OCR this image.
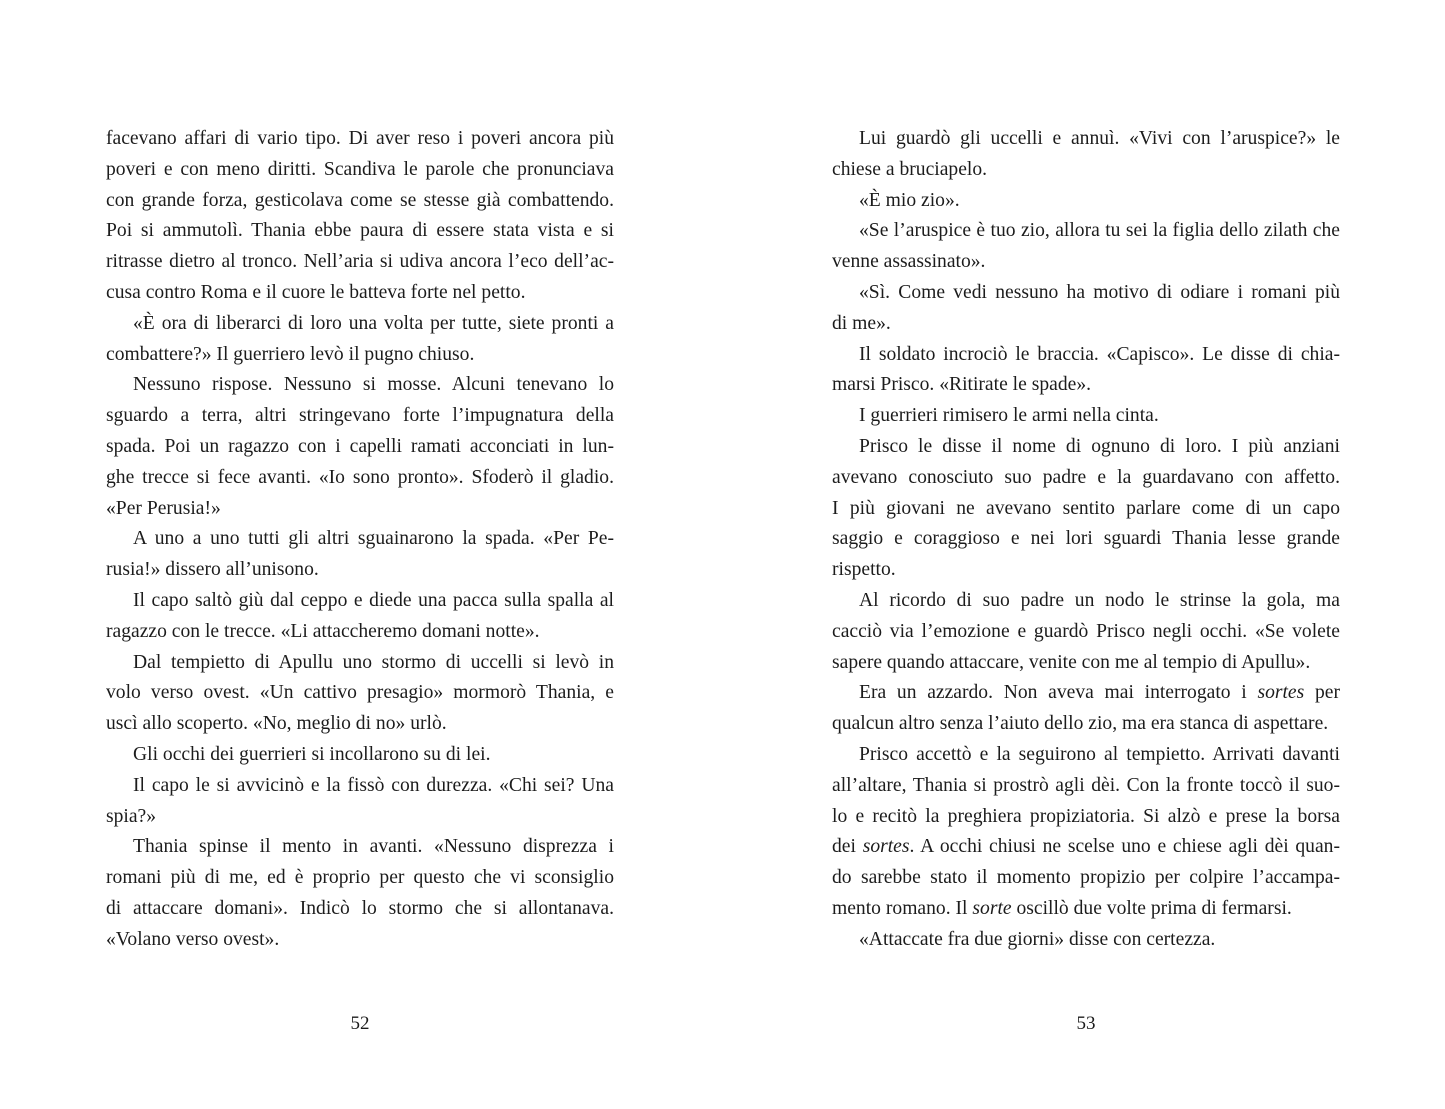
facevano affari di vario tipo. Di aver reso i poveri ancora più
poveri e con meno diritti. Scandiva le parole che pronunciava
con grande forza, gesticolava come se stesse già combattendo.
Poi si ammutolì. Thania ebbe paura di essere stata vista e si
ritrasse dietro al tronco. Nell’aria si udiva ancora l’eco dell’ac-
cusa contro Roma e il cuore le batteva forte nel petto.

«È ora di liberarci di loro una volta per tutte, siete pronti a
combattere?» Il guerriero levò il pugno chiuso.

Nessuno rispose. Nessuno si mosse. Alcuni tenevano lo
sguardo a terra, altri stringevano forte l’impugnatura della
spada. Poi un ragazzo con i capelli ramati acconciati in lun-
ghe trecce si fece avanti. «Io sono pronto». Sfoderò il gladio.
«Per Perusia!»

A uno a uno tutti gli altri sguainarono la spada. «Per Pe-
rusia!» dissero all’unisono.

Il capo saltò giù dal ceppo e diede una pacca sulla spalla al
ragazzo con le trecce. «Li attaccheremo domani notte».

Dal tempietto di Apullu uno stormo di uccelli si levò in
volo verso ovest. «Un cattivo presagio» mormorò Thania, e
uscì allo scoperto. «No, meglio di no» urlò.

Gli occhi dei guerrieri si incollarono su di lei.

Il capo le si avvicinò e la fissò con durezza. «Chi sei? Una
spia?»

Thania spinse il mento in avanti. «Nessuno disprezza i
romani più di me, ed è proprio per questo che vi sconsiglio
di attaccare domani». Indicò lo stormo che si allontanava.
«Volano verso ovest».

52

Lui guardò gli uccelli e annuì. «Vivi con l’aruspice?» le
chiese a bruciapelo.

«È mio zio».

«Se l’aruspice è tuo zio, allora tu sei la figlia dello zilath che
venne assassinato».

«Sì. Come vedi nessuno ha motivo di odiare i romani più
di me».

Il soldato incrociò le braccia. «Capisco». Le disse di chia-
marsi Prisco. «Ritirate le spade».

I guerrieri rimisero le armi nella cinta.

Prisco le disse il nome di ognuno di loro. I più anziani
avevano conosciuto suo padre e la guardavano con affetto.
I più giovani ne avevano sentito parlare come di un capo
saggio e coraggioso e nei lori sguardi Thania lesse grande
rispetto.

Al ricordo di suo padre un nodo le strinse la gola, ma
cacciò via l’emozione e guardò Prisco negli occhi. «Se volete
sapere quando attaccare, venite con me al tempio di Apullu».

Era un azzardo. Non aveva mai interrogato i sortes per
qualcun altro senza l’aiuto dello zio, ma era stanca di aspettare.

Prisco accettò e la seguirono al tempietto. Arrivati davanti
all’altare, Thania si prostrò agli dèi. Con la fronte toccò il suo-
lo e recitò la preghiera propiziatoria. Si alzò e prese la borsa
dei sortes. A occhi chiusi ne scelse uno e chiese agli dèi quan-
do sarebbe stato il momento propizio per colpire l’accampa-
mento romano. Il sorte oscillò due volte prima di fermarsi.

«Attaccate fra due giorni» disse con certezza.

53
